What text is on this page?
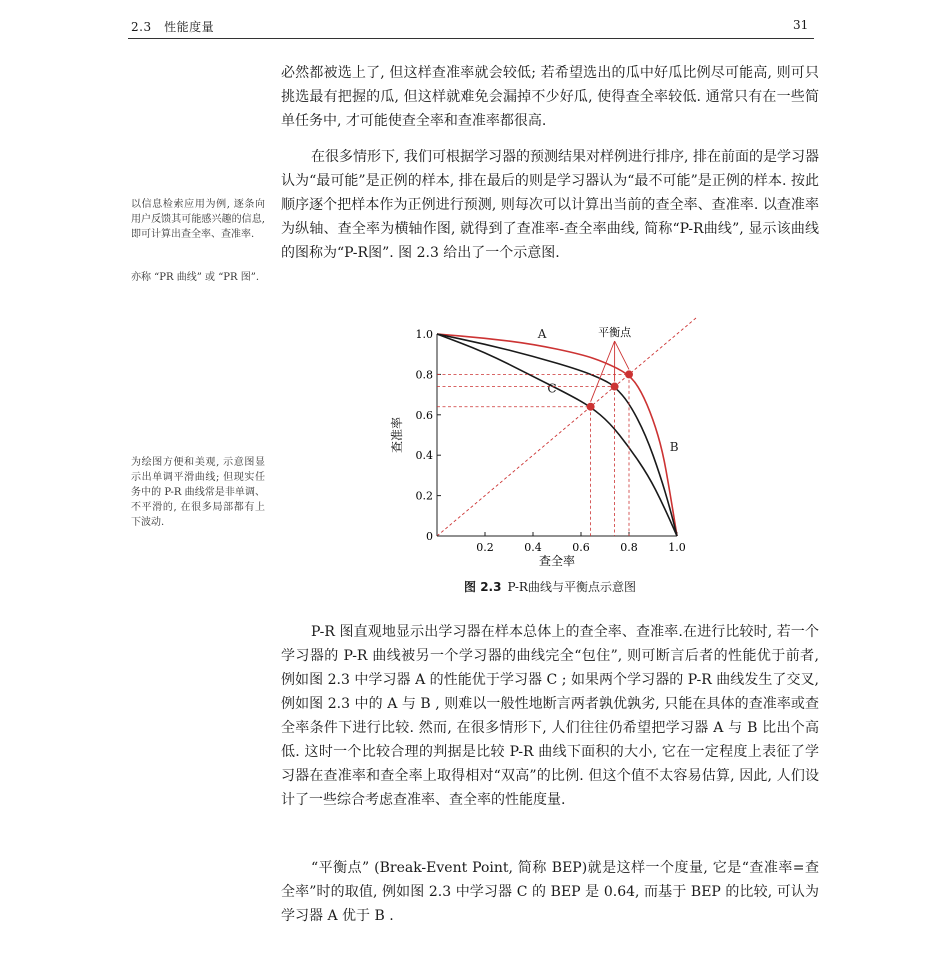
2.3　性能度量	31

必然都被选上了, 但这样查准率就会较低; 若希望选出的瓜中好瓜比例尽可能高, 则可只挑选最有把握的瓜, 但这样就难免会漏掉不少好瓜, 使得查全率较低. 通常只有在一些简单任务中, 才可能使查全率和查准率都很高.

在很多情形下, 我们可根据学习器的预测结果对样例进行排序, 排在前面的是学习器认为“最可能”是正例的样本, 排在最后的则是学习器认为“最不可能”是正例的样本. 按此顺序逐个把样本作为正例进行预测, 则每次可以计算出当前的查全率、查准率. 以查准率为纵轴、查全率为横轴作图, 就得到了查准率-查全率曲线, 简称“P-R曲线”, 显示该曲线的图称为“P-R图”. 图 2.3 给出了一个示意图.

以信息检索应用为例, 逐条向用户反馈其可能感兴趣的信息, 即可计算出查全率、查准率.
亦称 “PR 曲线” 或 “PR 图”.
为绘图方便和美观, 示意图显示出单调平滑曲线; 但现实任务中的 P-R 曲线常是非单调、不平滑的, 在很多局部都有上下波动.
0.2	0.4	0.6	0.8	1.0
0
0.2
0.4
0.6
0.8
1.0
查全率
查准率
A
B
C
平衡点
图 2.3 P-R曲线与平衡点示意图

P-R 图直观地显示出学习器在样本总体上的查全率、查准率.在进行比较时, 若一个学习器的 P-R 曲线被另一个学习器的曲线完全“包住”, 则可断言后者的性能优于前者, 例如图 2.3 中学习器 A 的性能优于学习器 C ; 如果两个学习器的 P-R 曲线发生了交叉, 例如图 2.3 中的 A 与 B , 则难以一般性地断言两者孰优孰劣, 只能在具体的查准率或查全率条件下进行比较. 然而, 在很多情形下, 人们往往仍希望把学习器 A 与 B 比出个高低. 这时一个比较合理的判据是比较 P-R 曲线下面积的大小, 它在一定程度上表征了学习器在查准率和查全率上取得相对“双高”的比例. 但这个值不太容易估算, 因此, 人们设计了一些综合考虑查准率、查全率的性能度量.

“平衡点” (Break-Event Point, 简称 BEP)就是这样一个度量, 它是“查准率=查全率”时的取值, 例如图 2.3 中学习器 C 的 BEP 是 0.64, 而基于 BEP 的比较, 可认为学习器 A 优于 B .
